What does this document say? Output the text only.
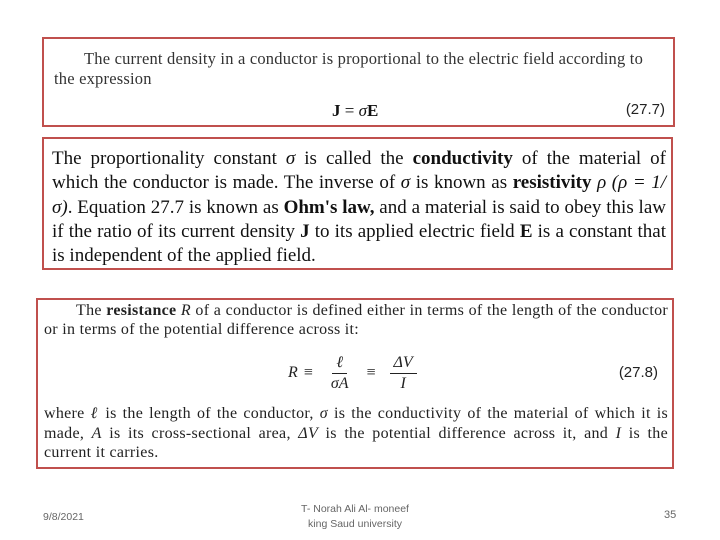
The current density in a conductor is proportional to the electric field according to the expression
J = σE	(27.7)
The proportionality constant σ is called the conductivity of the material of which the conductor is made. The inverse of σ is known as resistivity ρ (ρ = 1/σ). Equation 27.7 is known as Ohm's law, and a material is said to obey this law if the ratio of its current density J to its applied electric field E is a constant that is independent of the applied field.
The resistance R of a conductor is defined either in terms of the length of the conductor or in terms of the potential difference across it:
$R \equiv \frac{\text{ℓ}}{\sigma A} \equiv \frac{\Delta V}{I}$	(27.8)
where ℓ is the length of the conductor, σ is the conductivity of the material of which it is made, A is its cross-sectional area, ΔV is the potential difference across it, and I is the current it carries.
9/8/2021
T- Norah Ali Al- moneef
king Saud university
35
